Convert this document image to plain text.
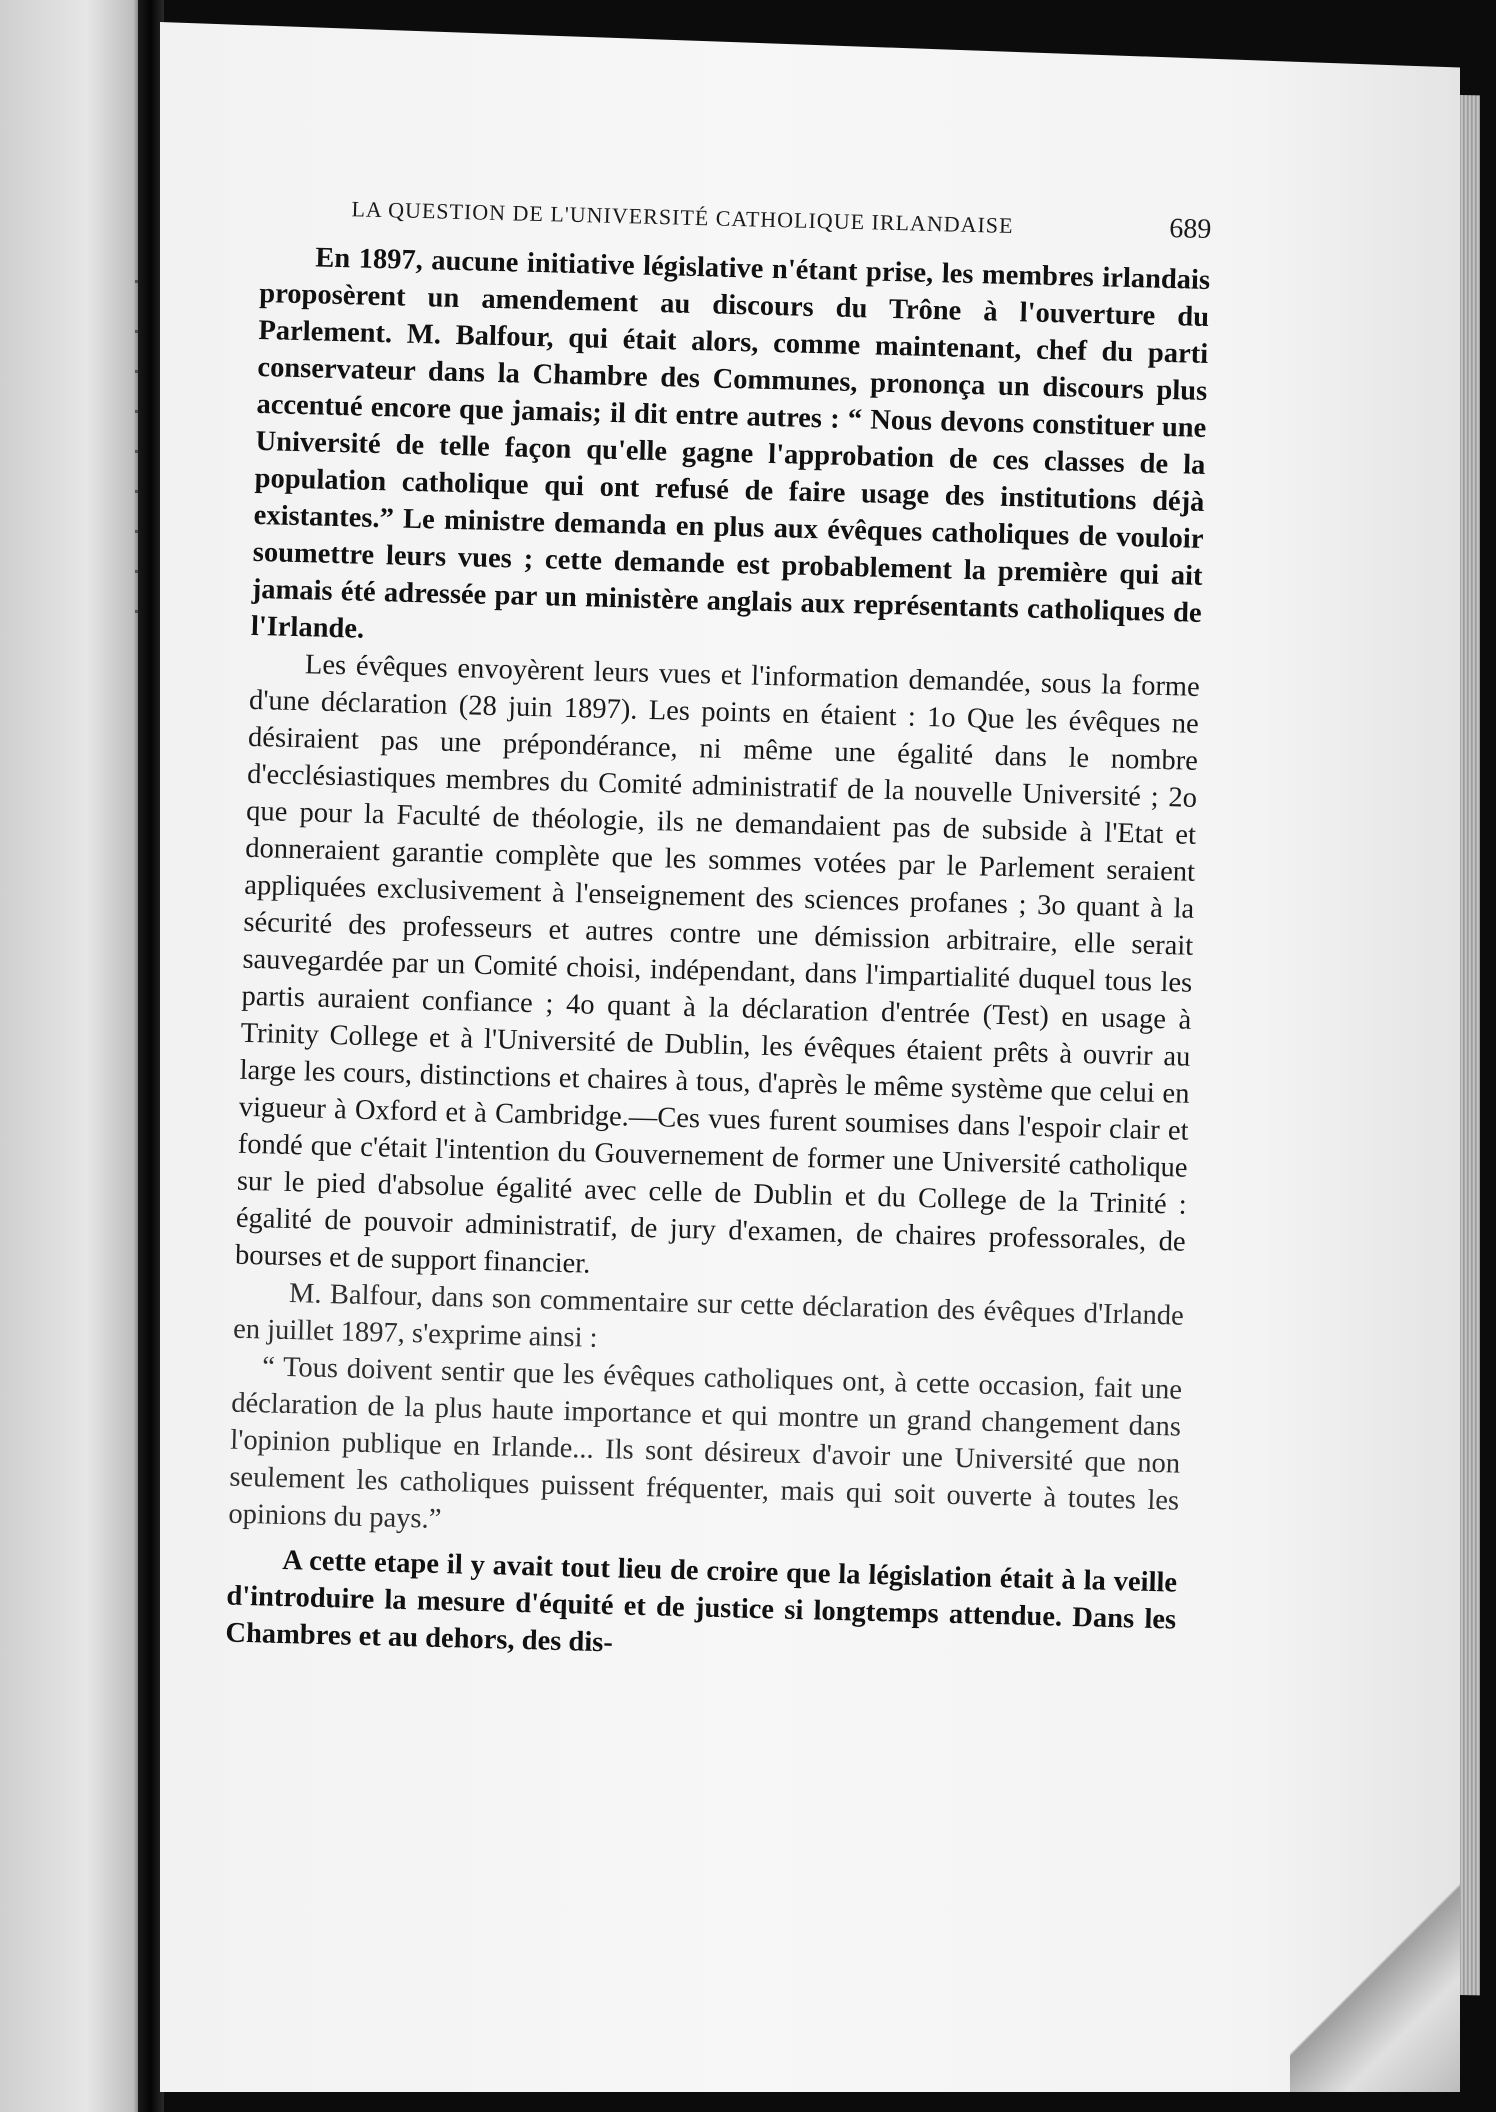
LA QUESTION DE L'UNIVERSITÉ CATHOLIQUE IRLANDAISE	689

En 1897, aucune initiative législative n'étant prise, les membres irlandais proposèrent un amendement au discours du Trône à l'ouverture du Parlement. M. Balfour, qui était alors, comme maintenant, chef du parti conservateur dans la Chambre des Communes, prononça un discours plus accentué encore que jamais; il dit entre autres : “ Nous devons constituer une Université de telle façon qu'elle gagne l'approbation de ces classes de la population catholique qui ont refusé de faire usage des institutions déjà existantes.” Le ministre demanda en plus aux évêques catholiques de vouloir soumettre leurs vues ; cette demande est probablement la première qui ait jamais été adressée par un ministère anglais aux représentants catholiques de l'Irlande.

Les évêques envoyèrent leurs vues et l'information demandée, sous la forme d'une déclaration (28 juin 1897). Les points en étaient : 1o Que les évêques ne désiraient pas une prépondérance, ni même une égalité dans le nombre d'ecclésiastiques membres du Comité administratif de la nouvelle Université ; 2o que pour la Faculté de théologie, ils ne demandaient pas de subside à l'Etat et donneraient garantie complète que les sommes votées par le Parlement seraient appliquées exclusivement à l'enseignement des sciences profanes ; 3o quant à la sécurité des professeurs et autres contre une démission arbitraire, elle serait sauvegardée par un Comité choisi, indépendant, dans l'impartialité duquel tous les partis auraient confiance ; 4o quant à la déclaration d'entrée (Test) en usage à Trinity College et à l'Université de Dublin, les évêques étaient prêts à ouvrir au large les cours, distinctions et chaires à tous, d'après le même système que celui en vigueur à Oxford et à Cambridge.—Ces vues furent soumises dans l'espoir clair et fondé que c'était l'intention du Gouvernement de former une Université catholique sur le pied d'absolue égalité avec celle de Dublin et du College de la Trinité : égalité de pouvoir administratif, de jury d'examen, de chaires professorales, de bourses et de support financier.

M. Balfour, dans son commentaire sur cette déclaration des évêques d'Irlande en juillet 1897, s'exprime ainsi :

“ Tous doivent sentir que les évêques catholiques ont, à cette occasion, fait une déclaration de la plus haute importance et qui montre un grand changement dans l'opinion publique en Irlande... Ils sont désireux d'avoir une Université que non seulement les catholiques puissent fréquenter, mais qui soit ouverte à toutes les opinions du pays.”

A cette etape il y avait tout lieu de croire que la législation était à la veille d'introduire la mesure d'équité et de justice si longtemps attendue. Dans les Chambres et au dehors, des dis-
